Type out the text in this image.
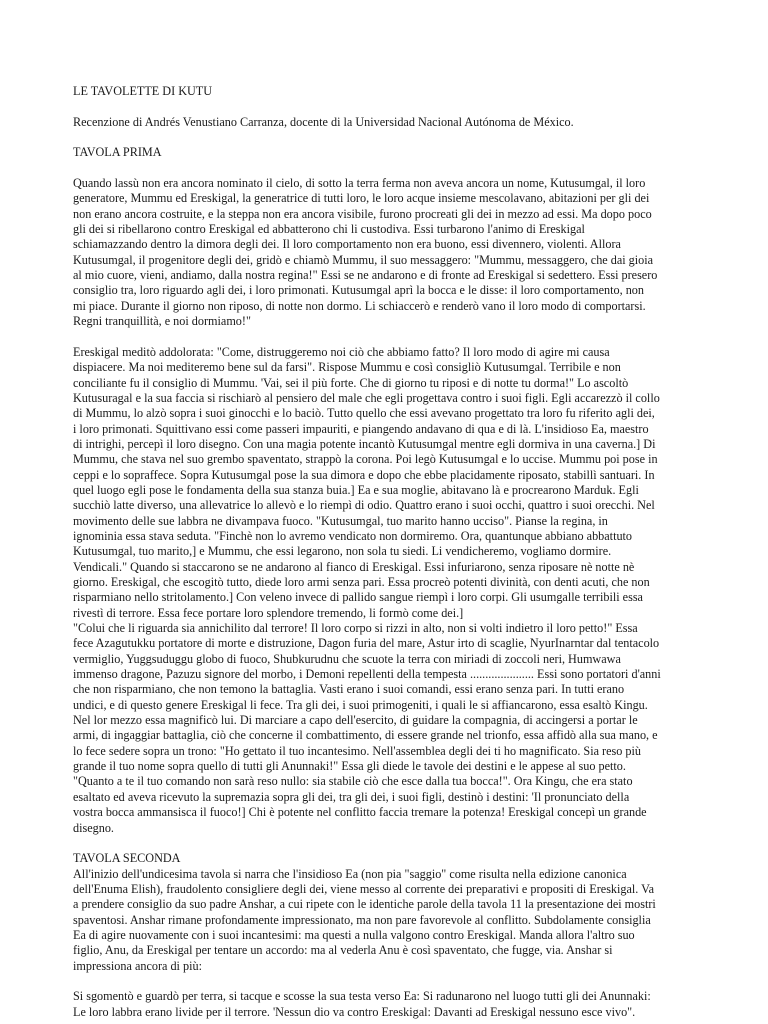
LE TAVOLETTE DI KUTU

Recenzione di Andrés Venustiano Carranza, docente di la Universidad Nacional Autónoma de México.

TAVOLA PRIMA

Quando lassù non era ancora nominato il cielo, di sotto la terra ferma non aveva ancora un nome, Kutusumgal, il loro
generatore, Mummu ed Ereskigal, la generatrice di tutti loro, le loro acque insieme mescolavano, abitazioni per gli dei
non erano ancora costruite, e la steppa non era ancora visibile, furono procreati gli dei in mezzo ad essi. Ma dopo poco
gli dei si ribellarono contro Ereskigal ed abbatterono chi li custodiva. Essi turbarono l'animo di Ereskigal
schiamazzando dentro la dimora degli dei. Il loro comportamento non era buono, essi divennero, violenti. Allora
Kutusumgal, il progenitore degli dei, gridò e chiamò Mummu, il suo messaggero: "Mummu, messaggero, che dai gioia
al mio cuore, vieni, andiamo, dalla nostra regina!" Essi se ne andarono e di fronte ad Ereskigal si sedettero. Essi presero
consiglio tra, loro riguardo agli dei, i loro primonati. Kutusumgal aprì la bocca e le disse: il loro comportamento, non
mi piace. Durante il giorno non riposo, di notte non dormo. Li schiaccerò e renderò vano il loro modo di comportarsi.
Regni tranquillità, e noi dormiamo!"

Ereskigal meditò addolorata: "Come, distruggeremo noi ciò che abbiamo fatto? Il loro modo di agire mi causa
dispiacere. Ma noi mediteremo bene sul da farsi". Rispose Mummu e così consigliò Kutusumgal. Terribile e non
conciliante fu il consiglio di Mummu. 'Vai, sei il più forte. Che di giorno tu riposi e di notte tu dorma!" Lo ascoltò
Kutusuragal e la sua faccia si rischiarò al pensiero del male che egli progettava contro i suoi figli. Egli accarezzò il collo
di Mummu, lo alzò sopra i suoi ginocchi e lo baciò. Tutto quello che essi avevano progettato tra loro fu riferito agli dei,
i loro primonati. Squittivano essi come passeri impauriti, e piangendo andavano di qua e di là. L'insidioso Ea, maestro
di intrighi, percepì il loro disegno. Con una magia potente incantò Kutusumgal mentre egli dormiva in una caverna.] Di
Mummu, che stava nel suo grembo spaventato, strappò la corona. Poi legò Kutusumgal e lo uccise. Mummu poi pose in
ceppi e lo sopraffece. Sopra Kutusumgal pose la sua dimora e dopo che ebbe placidamente riposato, stabillì santuari. In
quel luogo egli pose le fondamenta della sua stanza buia.] Ea e sua moglie, abitavano là e procrearono Marduk. Egli
succhiò latte diverso, una allevatrice lo allevò e lo riempì di odio. Quattro erano i suoi occhi, quattro i suoi orecchi. Nel
movimento delle sue labbra ne divampava fuoco. "Kutusumgal, tuo marito hanno ucciso". Pianse la regina, in
ignominia essa stava seduta. "Finchè non lo avremo vendicato non dormiremo. Ora, quantunque abbiano abbattuto
Kutusumgal, tuo marito,] e Mummu, che essi legarono, non sola tu siedi. Li vendicheremo, vogliamo dormire.
Vendicali." Quando si staccarono se ne andarono al fianco di Ereskigal. Essi infuriarono, senza riposare nè notte nè
giorno. Ereskigal, che escogitò tutto, diede loro armi senza pari. Essa procreò potenti divinità, con denti acuti, che non
risparmiano nello stritolamento.] Con veleno invece di pallido sangue riempì i loro corpi. Gli usumgalle terribili essa
rivestì di terrore. Essa fece portare loro splendore tremendo, li formò come dei.]
"Colui che li riguarda sia annichilito dal terrore! Il loro corpo si rizzi in alto, non si volti indietro il loro petto!" Essa
fece Azagutukku portatore di morte e distruzione, Dagon furia del mare, Astur irto di scaglie, NyurInarntar dal tentacolo
vermiglio, Yuggsuduggu globo di fuoco, Shubkurudnu che scuote la terra con miriadi di zoccoli neri, Humwawa
immenso dragone, Pazuzu signore del morbo, i Demoni repellenti della tempesta ..................... Essi sono portatori d'anni
che non risparmiano, che non temono la battaglia. Vasti erano i suoi comandi, essi erano senza pari. In tutti erano
undici, e di questo genere Ereskigal li fece. Tra gli dei, i suoi primogeniti, i quali le si affiancarono, essa esaltò Kingu.
Nel lor mezzo essa magnificò lui. Di marciare a capo dell'esercito, di guidare la compagnia, di accingersi a portar le
armi, di ingaggiar battaglia, ciò che concerne il combattimento, di essere grande nel trionfo, essa affidò alla sua mano, e
lo fece sedere sopra un trono: "Ho gettato il tuo incantesimo. Nell'assemblea degli dei ti ho magnificato. Sia reso più
grande il tuo nome sopra quello di tutti gli Anunnaki!" Essa gli diede le tavole dei destini e le appese al suo petto.
"Quanto a te il tuo comando non sarà reso nullo: sia stabile ciò che esce dalla tua bocca!". Ora Kingu, che era stato
esaltato ed aveva ricevuto la supremazia sopra gli dei, tra gli dei, i suoi figli, destinò i destini: 'Il pronunciato della
vostra bocca ammansisca il fuoco!] Chi è potente nel conflitto faccia tremare la potenza! Ereskigal concepì un grande
disegno.

TAVOLA SECONDA

All'inizio dell'undicesima tavola si narra che l'insidioso Ea (non pia "saggio" come risulta nella edizione canonica
dell'Enuma Elish), fraudolento consigliere degli dei, viene messo al corrente dei preparativi e propositi di Ereskigal. Va
a prendere consiglio da suo padre Anshar, a cui ripete con le identiche parole della tavola 11 la presentazione dei mostri
spaventosi. Anshar rimane profondamente impressionato, ma non pare favorevole al conflitto. Subdolamente consiglia
Ea di agire nuovamente con i suoi incantesimi: ma questi a nulla valgono contro Ereskigal. Manda allora l'altro suo
figlio, Anu, da Ereskigal per tentare un accordo: ma al vederla Anu è così spaventato, che fugge, via. Anshar si
impressiona ancora di più:

Si sgomentò e guardò per terra, si tacque e scosse la sua testa verso Ea: Si radunarono nel luogo tutti gli dei Anunnaki:
Le loro labbra erano livide per il terrore. 'Nessun dio va contro Ereskigal: Davanti ad Ereskigal nessuno esce vivo".
